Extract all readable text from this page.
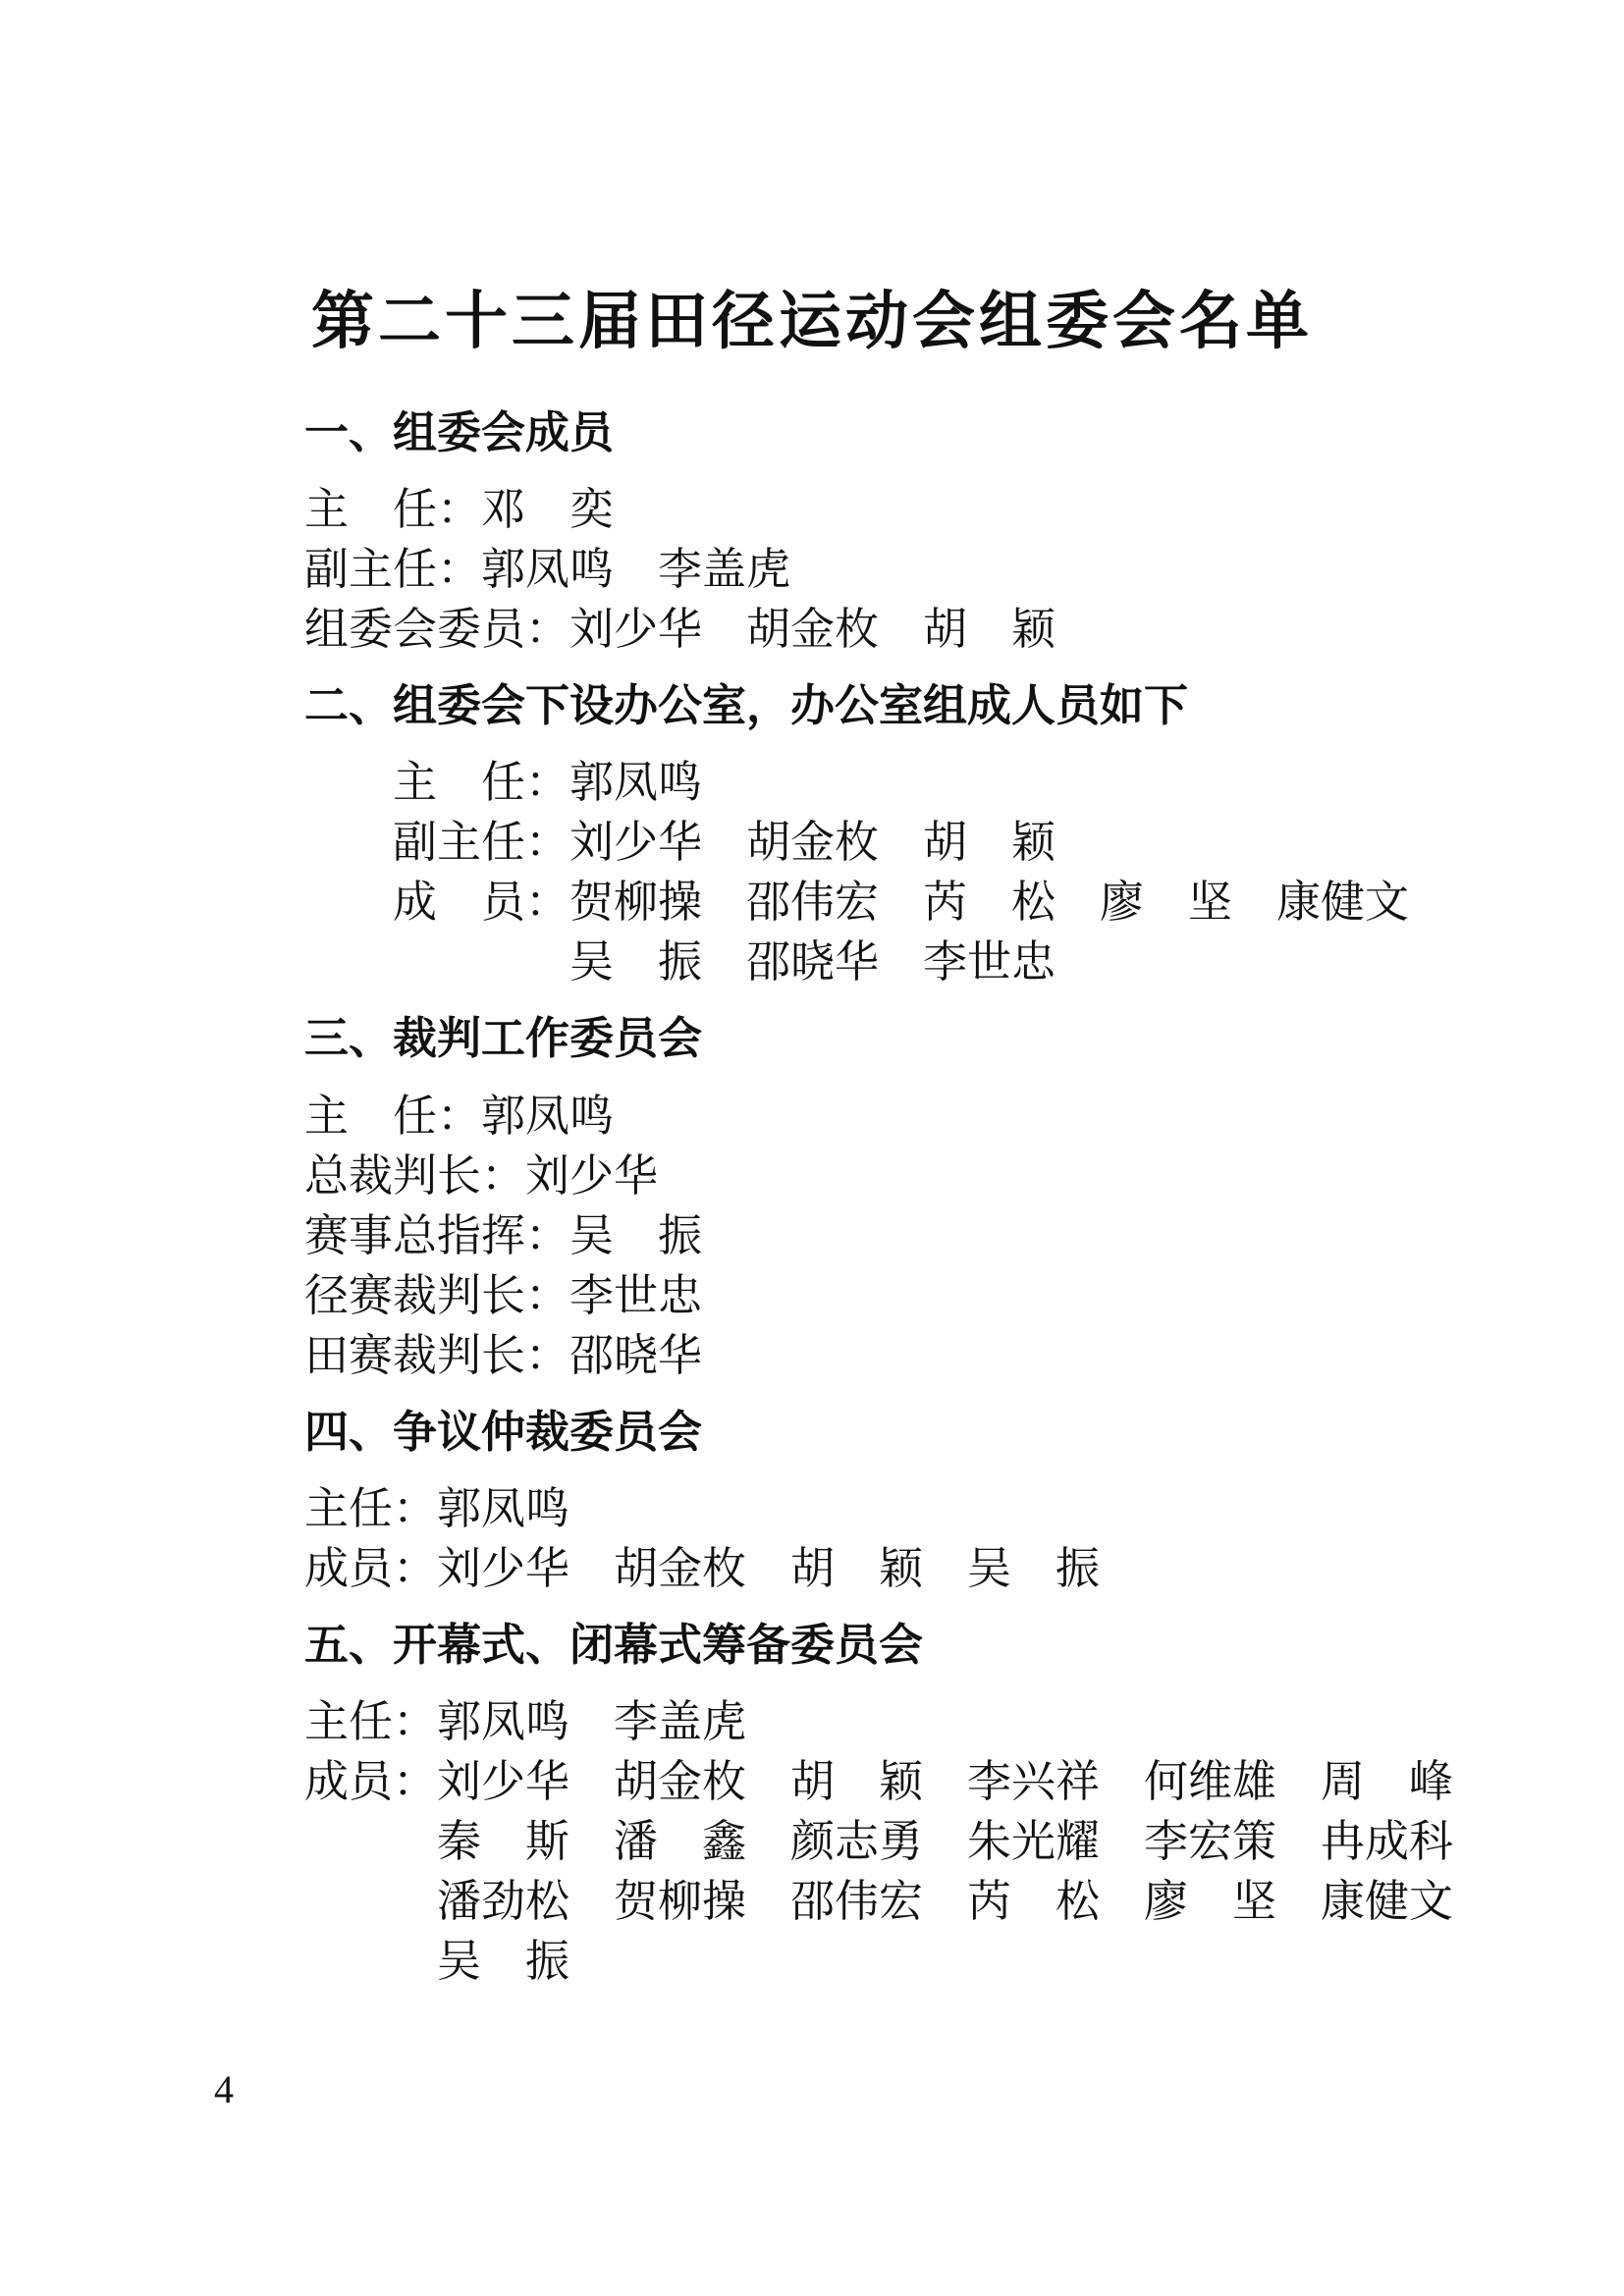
第二十三届田径运动会组委会名单
一、组委会成员
主　任：邓　奕
副主任：郭凤鸣　李盖虎
组委会委员：刘少华　胡金枚　胡　颖
二、组委会下设办公室，办公室组成人员如下
主　任：郭凤鸣
副主任：刘少华　胡金枚　胡　颖
成　员：贺柳操　邵伟宏　芮　松　廖　坚　康健文
吴　振　邵晓华　李世忠
三、裁判工作委员会
主　任：郭凤鸣
总裁判长：刘少华
赛事总指挥：吴　振
径赛裁判长：李世忠
田赛裁判长：邵晓华
四、争议仲裁委员会
主任：郭凤鸣
成员：刘少华　胡金枚　胡　颖　吴　振
五、开幕式、闭幕式筹备委员会
主任：郭凤鸣　李盖虎
成员：刘少华　胡金枚　胡　颖　李兴祥　何维雄　周　峰
秦　斯　潘　鑫　颜志勇　朱光耀　李宏策　冉成科
潘劲松　贺柳操　邵伟宏　芮　松　廖　坚　康健文
吴　振
4
